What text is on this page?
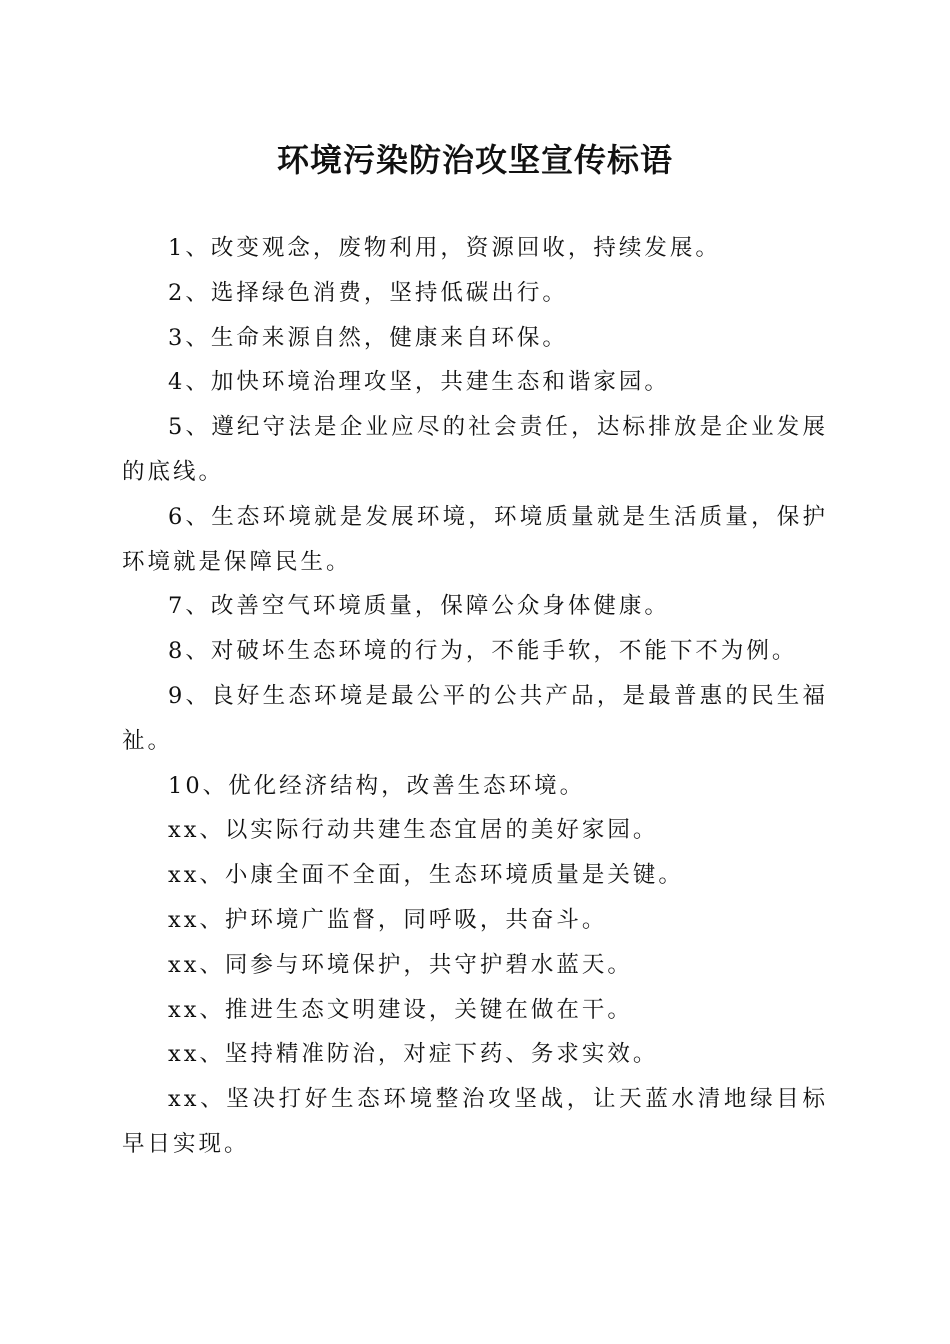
环境污染防治攻坚宣传标语

1、改变观念，废物利用，资源回收，持续发展。

2、选择绿色消费，坚持低碳出行。

3、生命来源自然，健康来自环保。

4、加快环境治理攻坚，共建生态和谐家园。

5、遵纪守法是企业应尽的社会责任，达标排放是企业发展的底线。

6、生态环境就是发展环境，环境质量就是生活质量，保护环境就是保障民生。

7、改善空气环境质量，保障公众身体健康。

8、对破坏生态环境的行为，不能手软，不能下不为例。

9、良好生态环境是最公平的公共产品，是最普惠的民生福祉。

10、优化经济结构，改善生态环境。

xx、以实际行动共建生态宜居的美好家园。

xx、小康全面不全面，生态环境质量是关键。

xx、护环境广监督，同呼吸，共奋斗。

xx、同参与环境保护，共守护碧水蓝天。

xx、推进生态文明建设，关键在做在干。

xx、坚持精准防治，对症下药、务求实效。

xx、坚决打好生态环境整治攻坚战，让天蓝水清地绿目标早日实现。
